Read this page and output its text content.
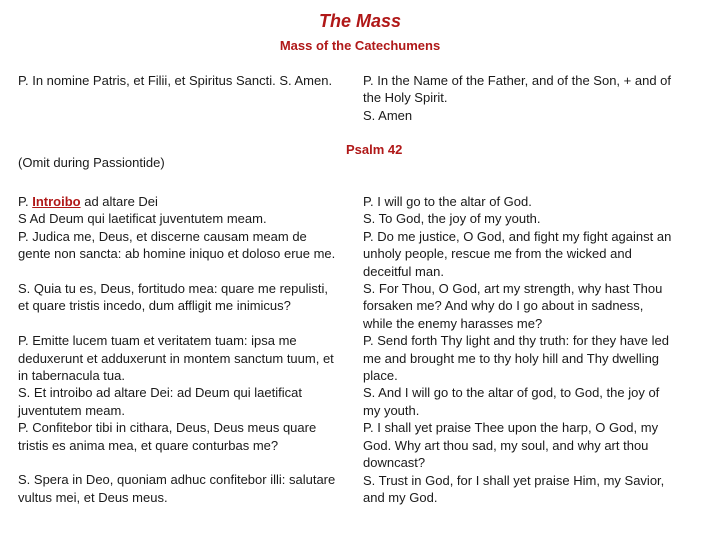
The Mass
Mass of the Catechumens

P. In nomine Patris, et Filii, et Spiritus Sancti. S. Amen.	P. In the Name of the Father, and of the Son, + and of

the Holy Spirit.

S. Amen

Psalm 42
(Omit during Passiontide)

P. Introibo ad altare Dei

S Ad Deum qui laetificat juventutem meam.

P. Judica me, Deus, et discerne causam meam de

gente non sancta: ab homine iniquo et doloso erue me.

S. Quia tu es, Deus, fortitudo mea: quare me repulisti,

et quare tristis incedo, dum affligit me inimicus?

P. Emitte lucem tuam et veritatem tuam: ipsa me

deduxerunt et adduxerunt in montem sanctum tuum, et

in tabernacula tua.

S. Et introibo ad altare Dei: ad Deum qui laetificat

juventutem meam.

P. Confitebor tibi in cithara, Deus, Deus meus quare

tristis es anima mea, et quare conturbas me?

S. Spera in Deo, quoniam adhuc confitebor illi: salutare

vultus mei, et Deus meus.

P. I will go to the altar of God.

S. To God, the joy of my youth.

P. Do me justice, O God, and fight my fight against an

unholy people, rescue me from the wicked and

deceitful man.

S. For Thou, O God, art my strength, why hast Thou

forsaken me? And why do I go about in sadness,

while the enemy harasses me?

P. Send forth Thy light and thy truth: for they have led

me and brought me to thy holy hill and Thy dwelling

place.

S. And I will go to the altar of god, to God, the joy of

my youth.

P. I shall yet praise Thee upon the harp, O God, my

God. Why art thou sad, my soul, and why art thou

downcast?

S. Trust in God, for I shall yet praise Him, my Savior,

and my God.
